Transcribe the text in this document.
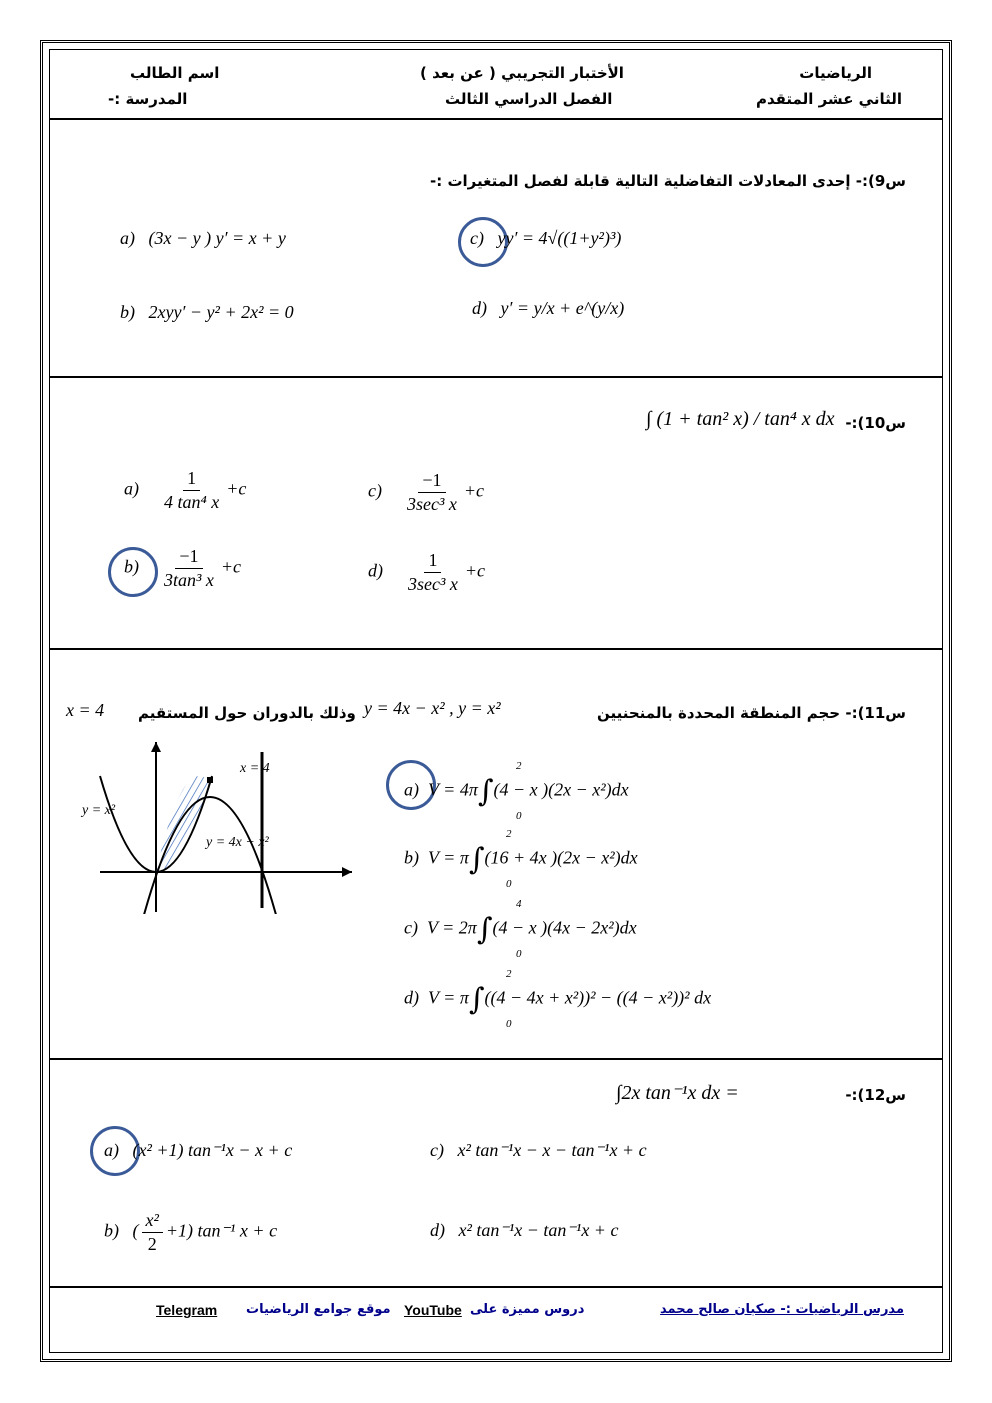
الرياضيات
الثاني عشر المتقدم
الأختبار التجريبي ( عن بعد )
الفصل الدراسي الثالث
اسم الطالب
المدرسة :-
س9):- إحدى المعادلات التفاضلية التالية قابلة لفصل المتغيرات :-
a) (3x − y ) y′ = x + y
b) 2xyy′ − y² + 2x² = 0
c) yy′ = 4√((1+y²)³)
d) y′ = y/x + e^(y/x)
س10):-
∫ (1 + tan² x) / tan⁴ x dx
$a) \frac{1}{\text{4 tan⁴ x}} +c$
$b) \frac{-1}{\text{3tan³ x}} +c$
$c) \frac{-1}{\text{3sec³ x}} +c$
$d) \frac{1}{\text{3sec³ x}} +c$
س11):- حجم المنطقة المحددة بالمنحنيين
y = 4x − x² , y = x²
وذلك بالدوران حول المستقيم
x = 4
x = 4
y = x²
y = 4x − x²
a) V = 4π∫(4 − x )(2x − x²)dx
2
0
b) V = π∫(16 + 4x )(2x − x²)dx
2
0
c) V = 2π∫(4 − x )(4x − 2x²)dx
4
0
d) V = π∫((4 − 4x + x²))² − ((4 − x²))² dx
2
0
س12):-
∫2x tan⁻¹x dx =
a) (x² +1) tan⁻¹x − x + c
b) ( $\frac{\text{x²}}{2} +1$) tan⁻¹ x + c
c) x² tan⁻¹x − x − tan⁻¹x + c
d) x² tan⁻¹x − tan⁻¹x + c
مدرس الرياضيات :- صكبان صالح محمد
دروس مميزة على
YouTube
موقع جوامع الرياضيات
Telegram
